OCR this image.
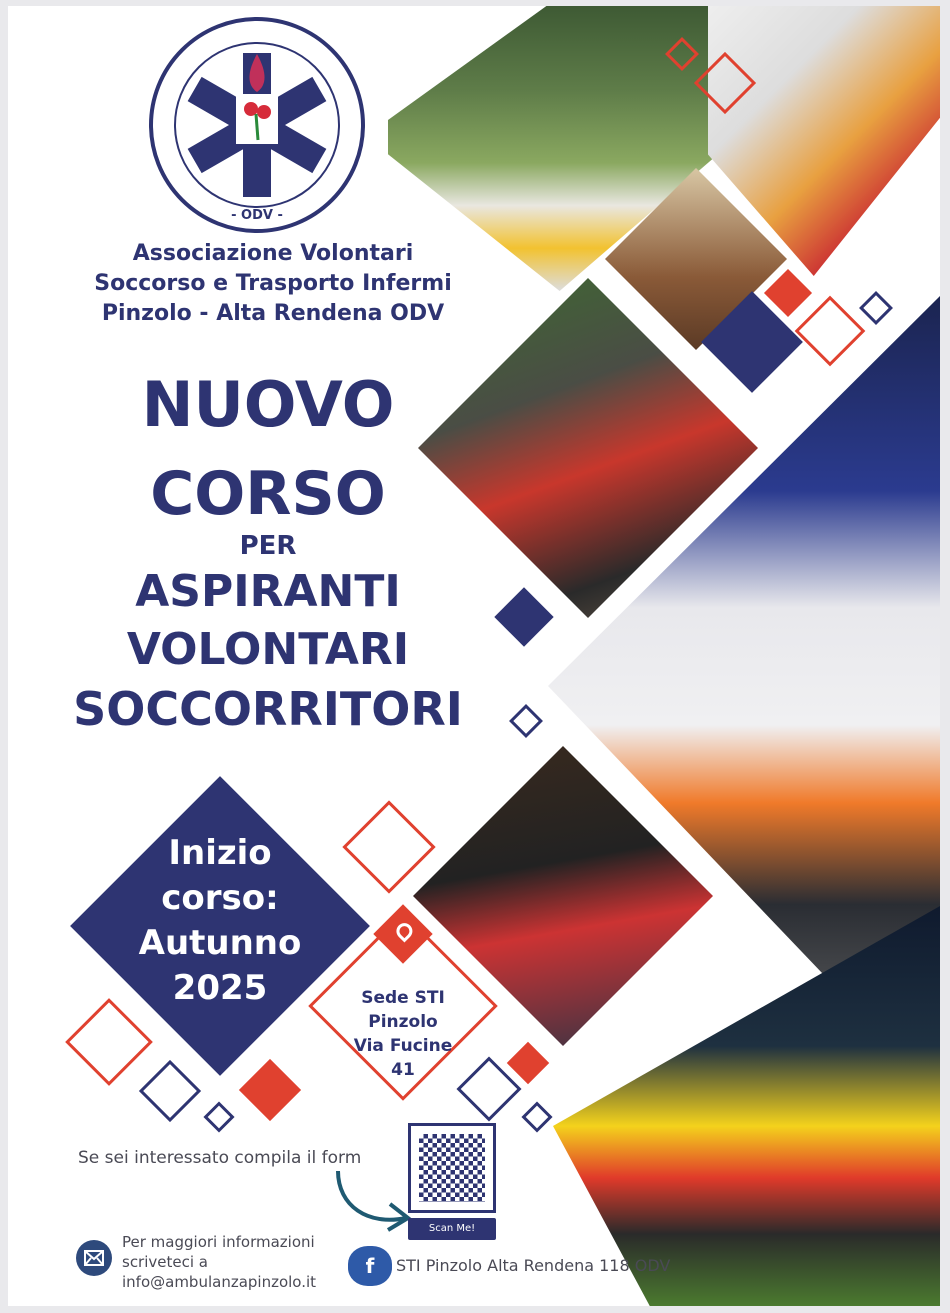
- ODV -
Associazione Volontari
Soccorso e Trasporto Infermi
Pinzolo - Alta Rendena ODV
NUOVO
CORSO
PER
ASPIRANTI
VOLONTARI
SOCCORRITORI
Inizio
corso:
Autunno
2025	Sede STI
Pinzolo
Via Fucine
41
Se sei interessato compila il form
Scan Me!
Per maggiori informazioni
scriveteci a
info@ambulanzapinzolo.it
f	STI Pinzolo Alta Rendena 118 ODV
